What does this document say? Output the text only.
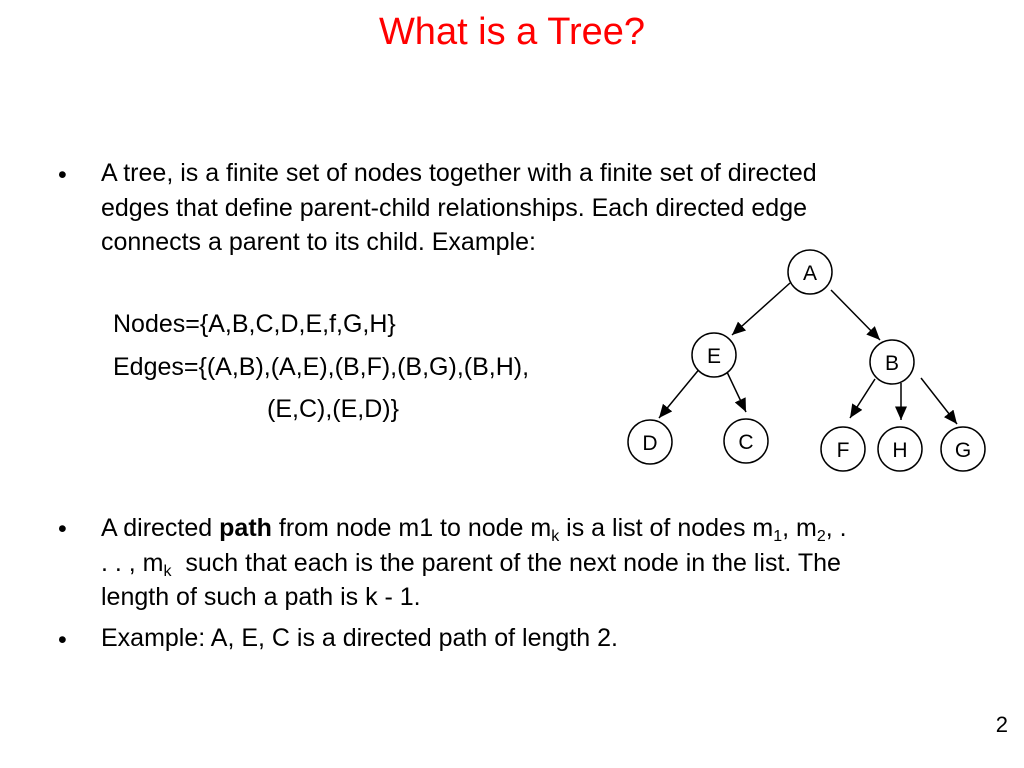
What is a Tree?
• A tree, is a finite set of nodes together with a finite set of directed
edges that define parent-child relationships. Each directed edge
connects a parent to its child. Example:
Nodes={A,B,C,D,E,f,G,H}
Edges={(A,B),(A,E),(B,F),(B,G),(B,H),
(E,C),(E,D)}
A
E	B
D	C	F H G
• A directed path from node m1 to node $m_k$ is a list of nodes $m_1$, $m_2$, .
. . , $m_k$  such that each is the parent of the next node in the list. The
length of such a path is k - 1.
• Example: A, E, C is a directed path of length 2.
2
